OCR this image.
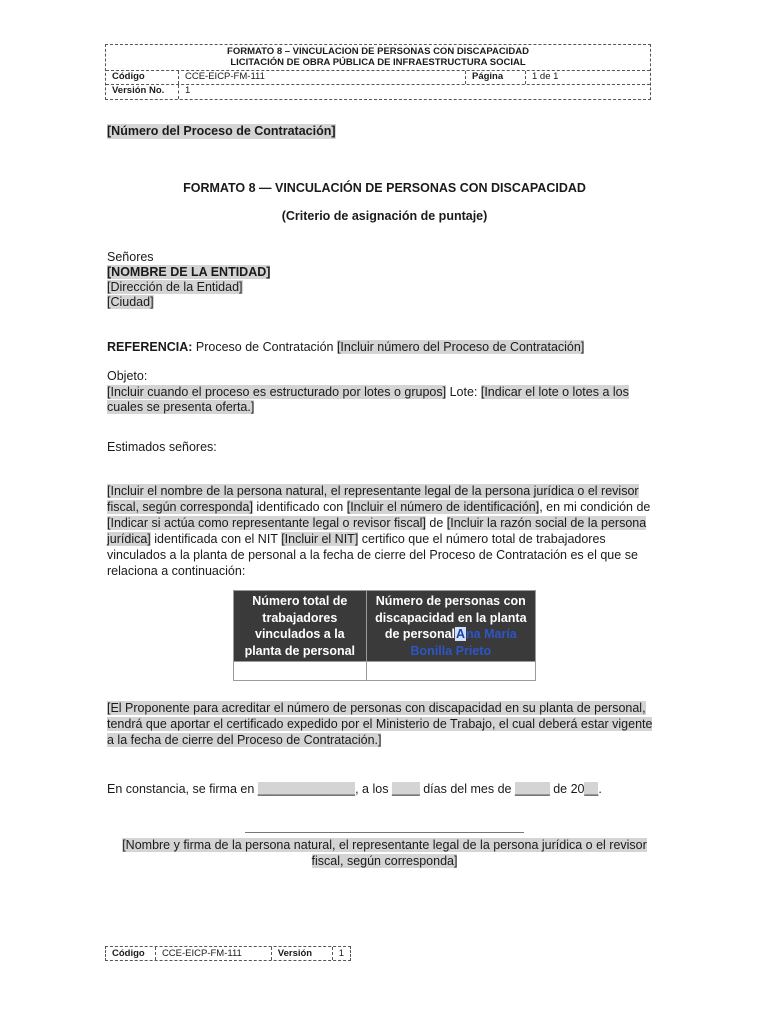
FORMATO 8 – VINCULACION DE PERSONAS CON DISCAPACIDAD
LICITACIÓN DE OBRA PÚBLICA DE INFRAESTRUCTURA SOCIAL
Código	CCE-EICP-FM-111	Página	1 de 1
Versión No.	1
[Número del Proceso de Contratación]
FORMATO 8 — VINCULACIÓN DE PERSONAS CON DISCAPACIDAD
(Criterio de asignación de puntaje)
Señores
[NOMBRE DE LA ENTIDAD]
[Dirección de la Entidad]
[Ciudad]
REFERENCIA: Proceso de Contratación [Incluir número del Proceso de Contratación]
Objeto:
[Incluir cuando el proceso es estructurado por lotes o grupos] Lote: [Indicar el lote o lotes a los
cuales se presenta oferta.]
Estimados señores:
[Incluir el nombre de la persona natural, el representante legal de la persona jurídica o el revisor
fiscal, según corresponda] identificado con [Incluir el número de identificación], en mi condición de
[Indicar si actúa como representante legal o revisor fiscal] de [Incluir la razón social de la persona
jurídica] identificada con el NIT [Incluir el NIT] certifico que el número total de trabajadores
vinculados a la planta de personal a la fecha de cierre del Proceso de Contratación es el que se
relaciona a continuación:
Número total de trabajadores vinculados a la planta de personal	Número de personas con discapacidad en la planta de personalAna María Bonilla Prieto

[El Proponente para acreditar el número de personas con discapacidad en su planta de personal,
tendrá que aportar el certificado expedido por el Ministerio de Trabajo, el cual deberá estar vigente
a la fecha de cierre del Proceso de Contratación.]
En constancia, se firma en ______________, a los ____ días del mes de _____ de 20__.
[Nombre y firma de la persona natural, el representante legal de la persona jurídica o el revisor
fiscal, según corresponda]
Código	CCE-EICP-FM-111	Versión	1
